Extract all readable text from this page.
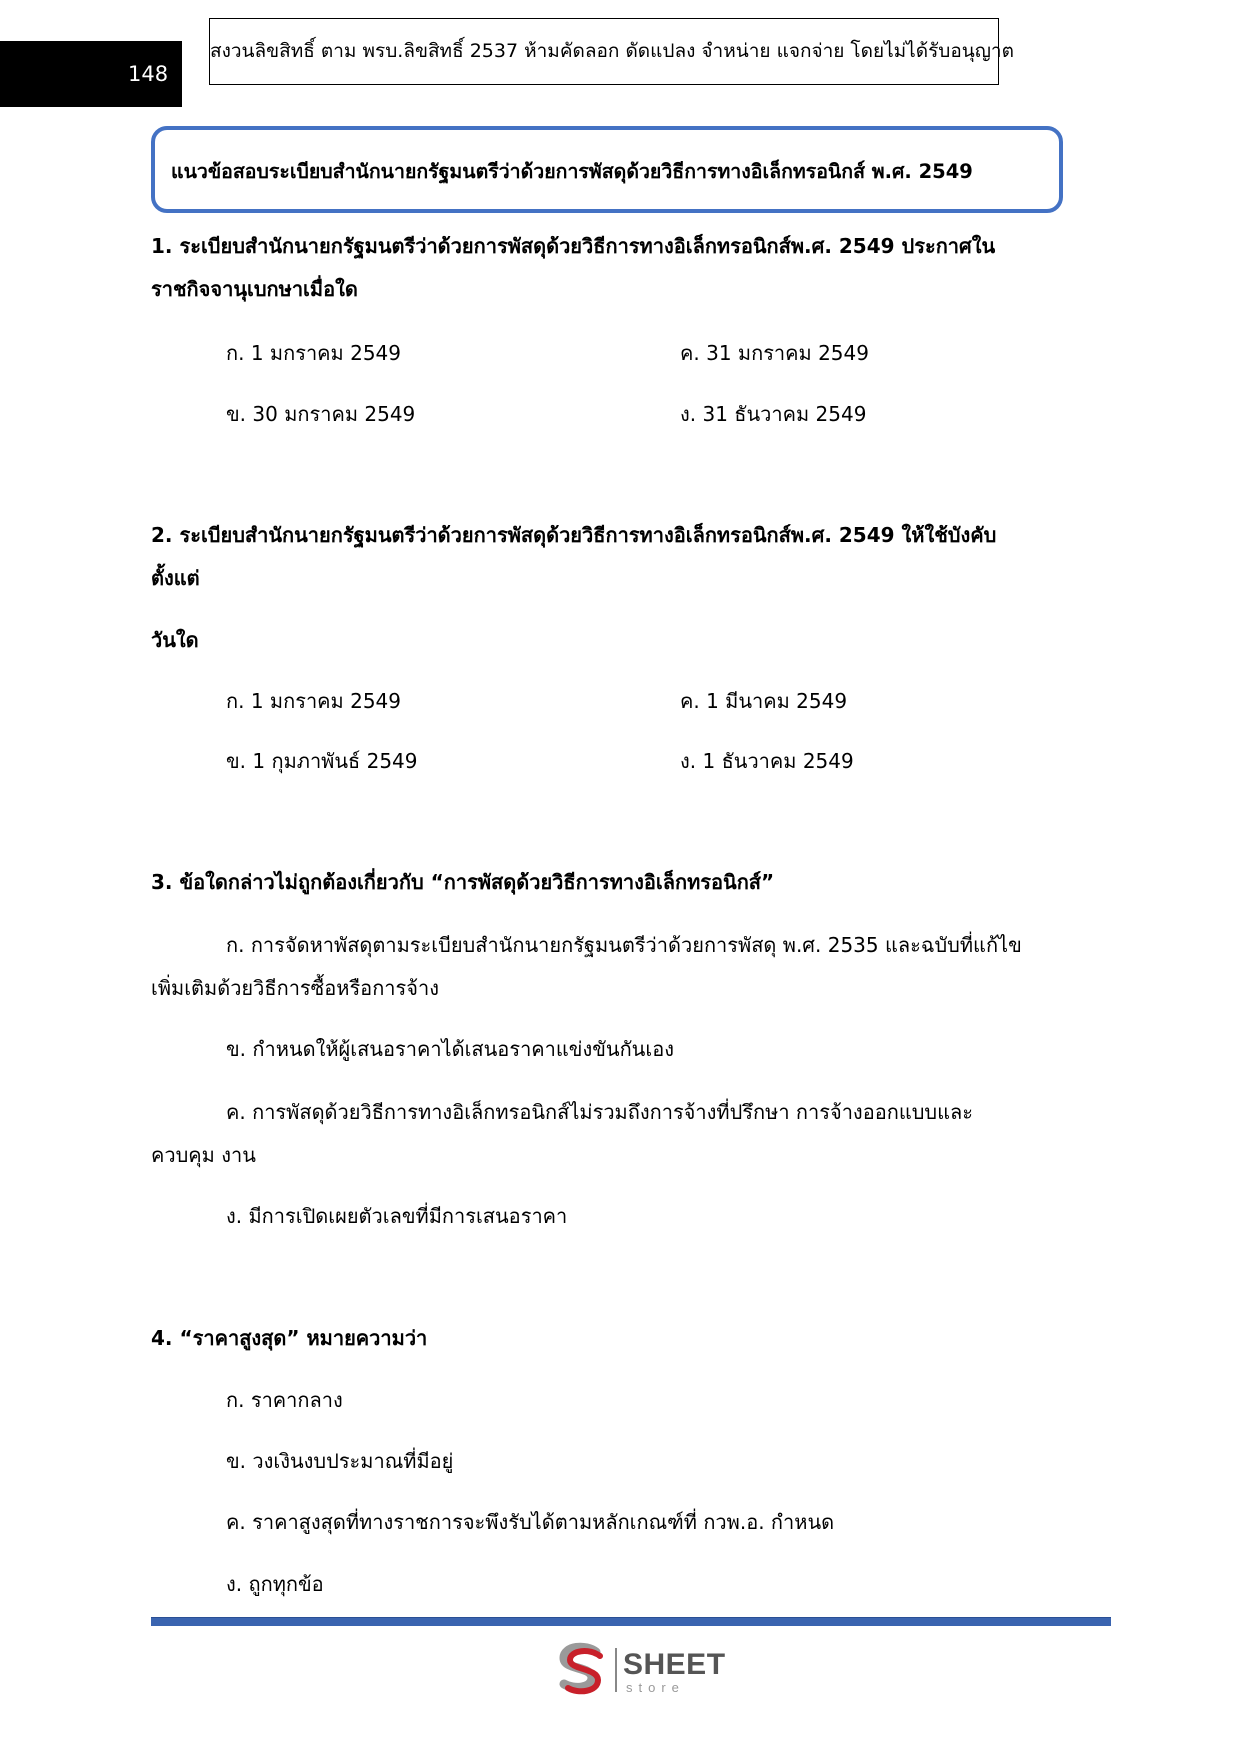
148
สงวนลิขสิทธิ์ ตาม พรบ.ลิขสิทธิ์ 2537 ห้ามคัดลอก ดัดแปลง จำหน่าย แจกจ่าย โดยไม่ได้รับอนุญาต
แนวข้อสอบระเบียบสำนักนายกรัฐมนตรีว่าด้วยการพัสดุด้วยวิธีการทางอิเล็กทรอนิกส์ พ.ศ. 2549
1. ระเบียบสำนักนายกรัฐมนตรีว่าด้วยการพัสดุด้วยวิธีการทางอิเล็กทรอนิกส์พ.ศ. 2549 ประกาศใน
ราชกิจจานุเบกษาเมื่อใด
ก. 1 มกราคม 2549
ข. 30 มกราคม 2549
ค. 31 มกราคม 2549
ง. 31 ธันวาคม 2549
2. ระเบียบสำนักนายกรัฐมนตรีว่าด้วยการพัสดุด้วยวิธีการทางอิเล็กทรอนิกส์พ.ศ. 2549 ให้ใช้บังคับ
ตั้งแต่
วันใด
ก. 1 มกราคม 2549
ข. 1 กุมภาพันธ์ 2549
ค. 1 มีนาคม 2549
ง. 1 ธันวาคม 2549
3. ข้อใดกล่าวไม่ถูกต้องเกี่ยวกับ “การพัสดุด้วยวิธีการทางอิเล็กทรอนิกส์”
ก. การจัดหาพัสดุตามระเบียบสำนักนายกรัฐมนตรีว่าด้วยการพัสดุ พ.ศ. 2535 และฉบับที่แก้ไข
เพิ่มเติมด้วยวิธีการซื้อหรือการจ้าง
ข. กำหนดให้ผู้เสนอราคาได้เสนอราคาแข่งขันกันเอง
ค. การพัสดุด้วยวิธีการทางอิเล็กทรอนิกส์ไม่รวมถึงการจ้างที่ปรึกษา การจ้างออกแบบและ
ควบคุม งาน
ง. มีการเปิดเผยตัวเลขที่มีการเสนอราคา
4. “ราคาสูงสุด” หมายความว่า
ก. ราคากลาง
ข. วงเงินงบประมาณที่มีอยู่
ค. ราคาสูงสุดที่ทางราชการจะพึงรับได้ตามหลักเกณฑ์ที่ กวพ.อ. กำหนด
ง. ถูกทุกข้อ
SHEET
store
